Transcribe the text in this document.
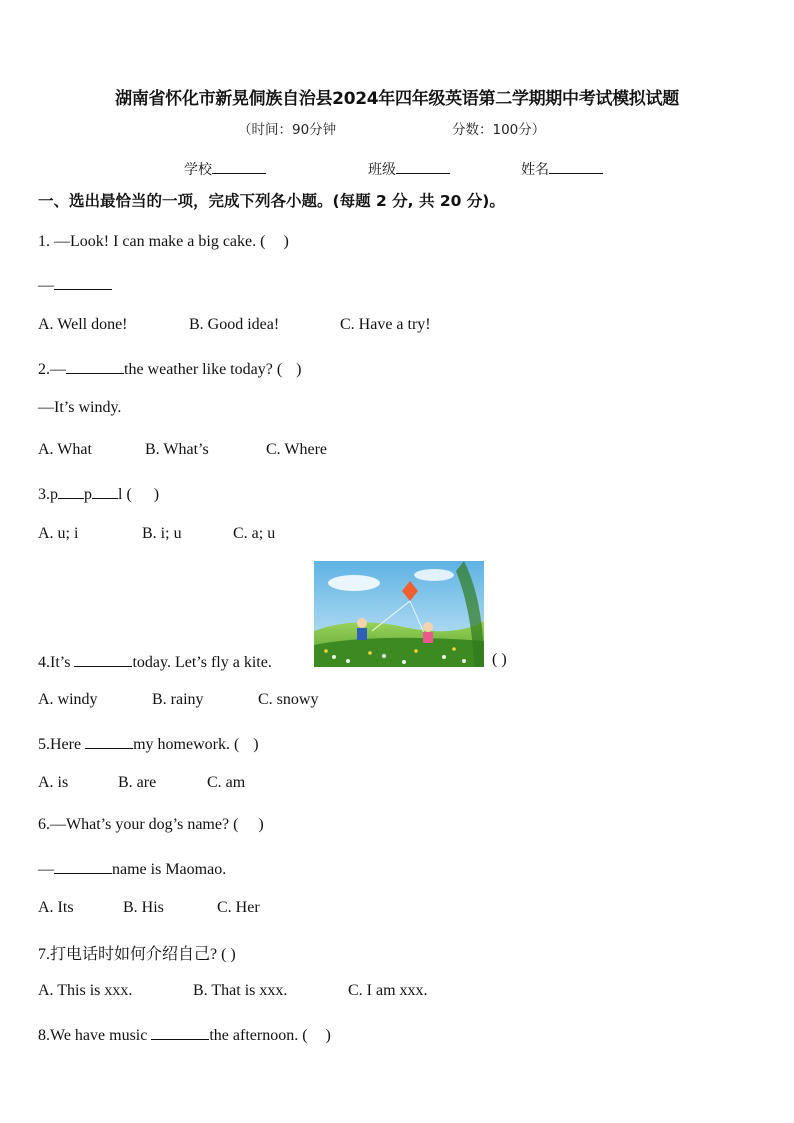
湖南省怀化市新晃侗族自治县2024年四年级英语第二学期期中考试模拟试题
（时间：90分钟	分数：100分）
学校	班级	姓名
一、选出最恰当的一项，完成下列各小题。(每题 2 分, 共 20 分)。
1. —Look! I can make a big cake. ( )
—
A. Well done!	B. Good idea!	C. Have a try!
2.—	the weather like today? ( )
—It’s windy.
A. What	B. What’s	C. Where
3.p p l ( )
A. u; i	B. i; u	C. a; u
4.It’s	today. Let’s fly a kite.	( )
A. windy	B. rainy	C. snowy
5.Here	my homework. ( )
A. is	B. are	C. am
6.—What’s your dog’s name? ( )
—	name is Maomao.
A. Its	B. His	C. Her
7.打电话时如何介绍自己? ( )
A. This is xxx.	B. That is xxx.	C. I am xxx.
8.We have music	the afternoon. ( )
